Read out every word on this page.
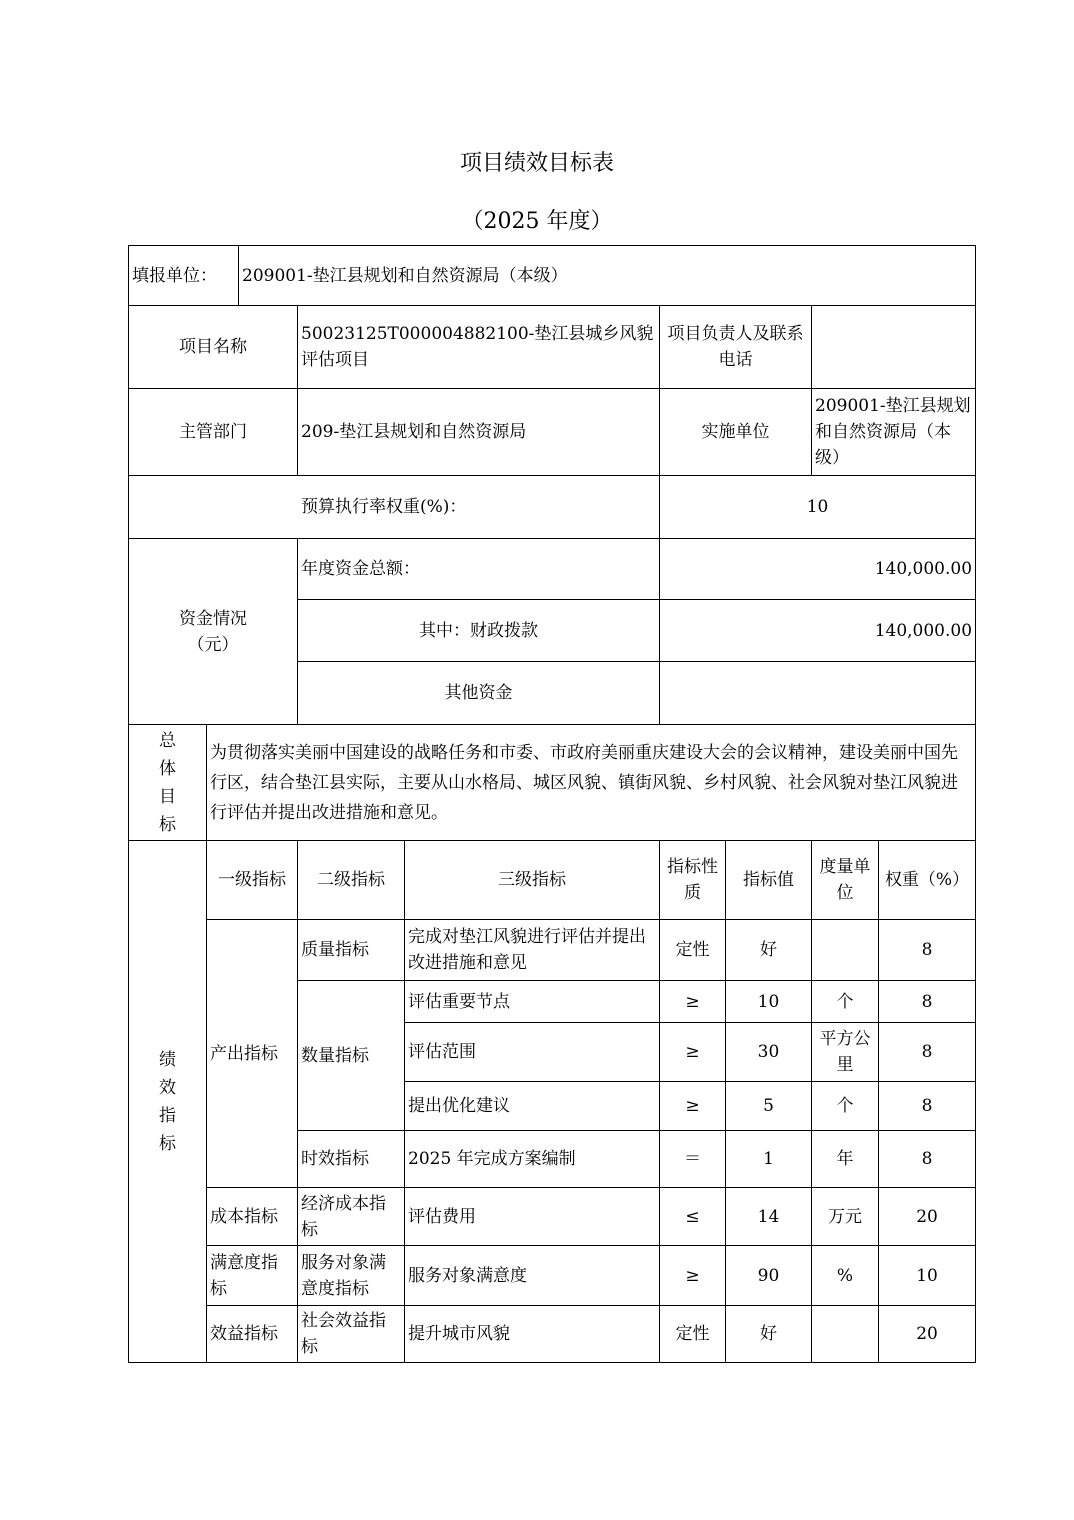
项目绩效目标表
（2025 年度）
填报单位：		209001-垫江县规划和自然资源局（本级）						
项目名称			50023125T000004882100-垫江县城乡风貌评估项目		项目负责人及联系电话			
主管部门			209-垫江县规划和自然资源局		实施单位		209001-垫江县规划和自然资源局（本级）	
预算执行率权重(%)：					10			
资金情况（元）			年度资金总额：		140,000.00			
			其中：财政拨款		140,000.00			
			其他资金					
总体目标	为贯彻落实美丽中国建设的战略任务和市委、市政府美丽重庆建设大会的会议精神，建设美丽中国先行区，结合垫江县实际，主要从山水格局、城区风貌、镇街风貌、乡村风貌、社会风貌对垫江风貌进行评估并提出改进措施和意见。							
绩效指标	一级指标		二级指标	三级指标	指标性质	指标值	度量单位	权重（%）
	产出指标		质量指标	完成对垫江风貌进行评估并提出改进措施和意见	定性	好		8
			数量指标	评估重要节点	≥	10	个	8
				评估范围	≥	30	平方公里	8
				提出优化建议	≥	5	个	8
			时效指标	2025 年完成方案编制	＝	1	年	8
	成本指标		经济成本指标	评估费用	≤	14	万元	20
	满意度指标		服务对象满意度指标	服务对象满意度	≥	90	%	10
	效益指标		社会效益指标	提升城市风貌	定性	好		20
